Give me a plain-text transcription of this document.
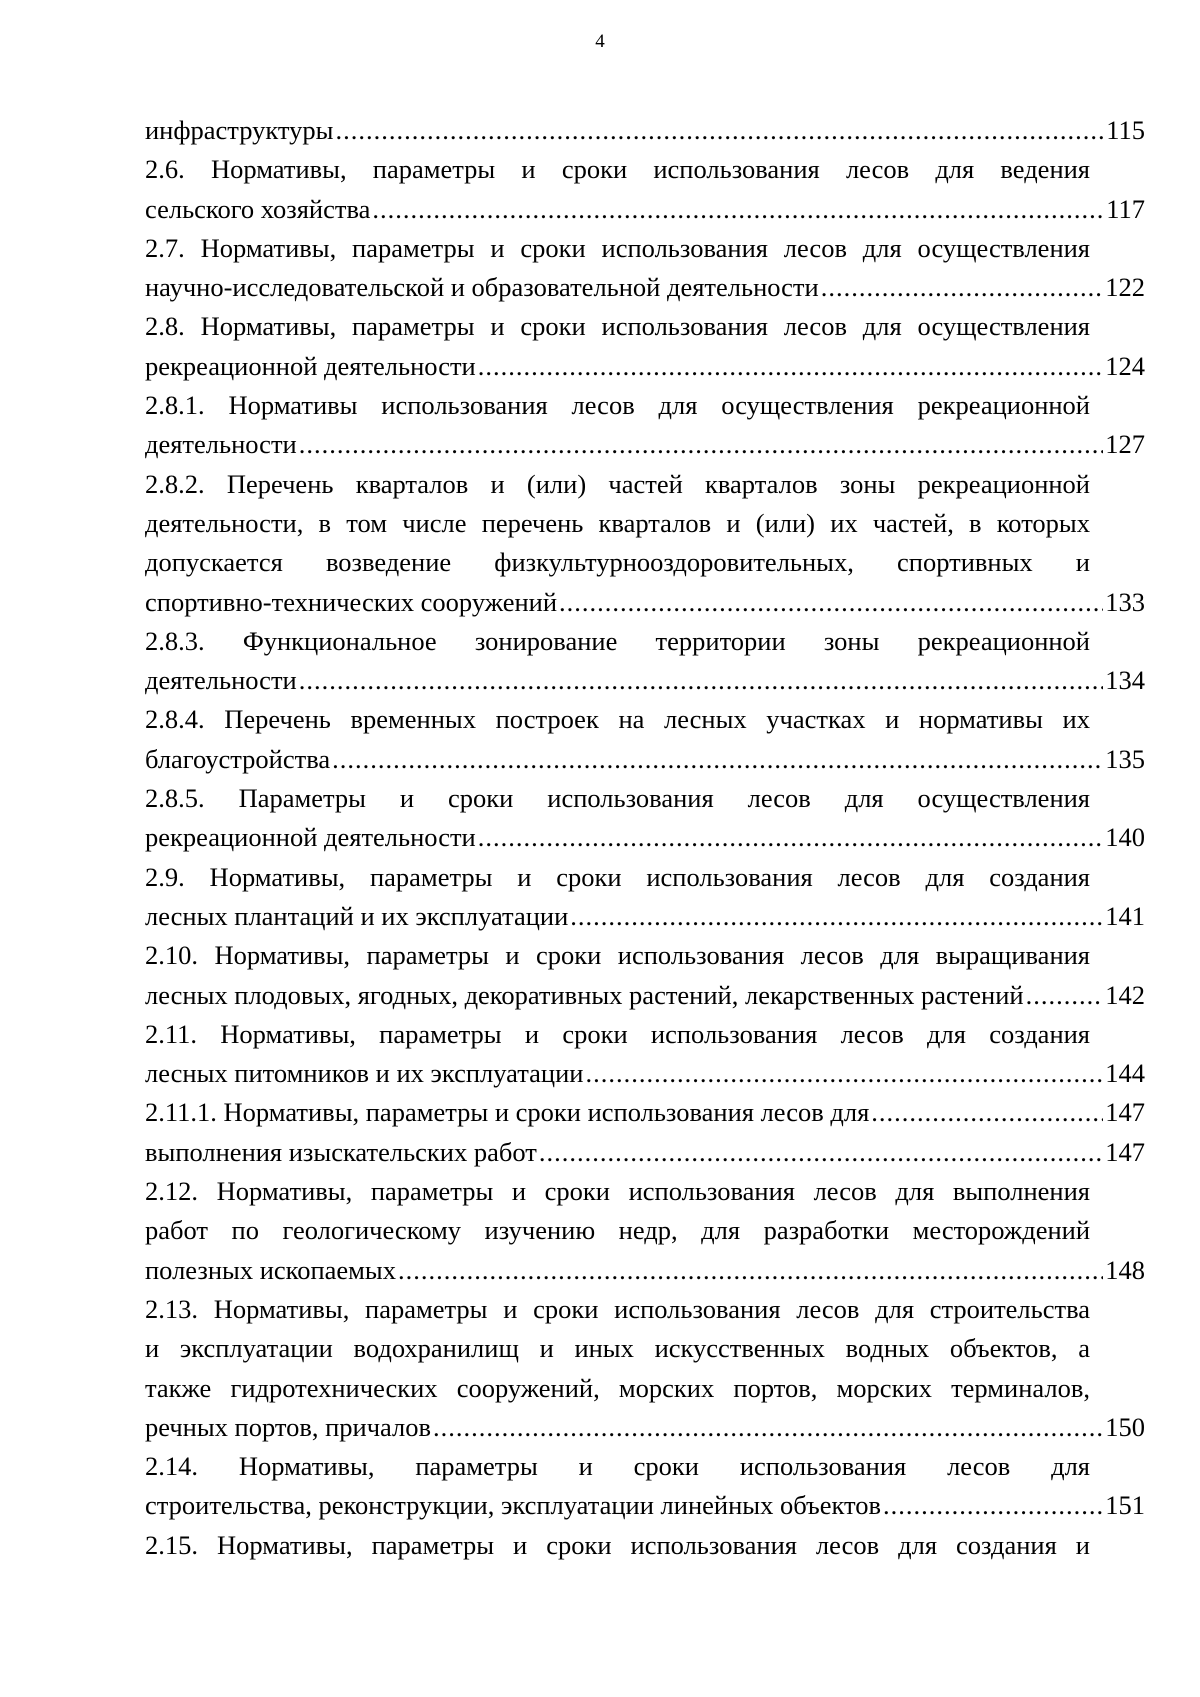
4
инфраструктуры .....	115
2.6. Нормативы, параметры и сроки использования лесов для ведения
сельского хозяйства .....	117
2.7. Нормативы, параметры и сроки использования лесов для осуществления
научно-исследовательской и образовательной деятельности .....	122
2.8. Нормативы, параметры и сроки использования лесов для осуществления
рекреационной деятельности .....	124
2.8.1. Нормативы использования лесов для осуществления рекреационной
деятельности .....	127
2.8.2. Перечень кварталов и (или) частей кварталов зоны рекреационной
деятельности, в том числе перечень кварталов и (или) их частей, в которых
допускается возведение физкультурнооздоровительных, спортивных и
спортивно-технических сооружений .....	133
2.8.3. Функциональное зонирование территории зоны рекреационной
деятельности .....	134
2.8.4. Перечень временных построек на лесных участках и нормативы их
благоустройства .....	135
2.8.5. Параметры и сроки использования лесов для осуществления
рекреационной деятельности .....	140
2.9. Нормативы, параметры и сроки использования лесов для создания
лесных плантаций и их эксплуатации .....	141
2.10. Нормативы, параметры и сроки использования лесов для выращивания
лесных плодовых, ягодных, декоративных растений, лекарственных растений .....	142
2.11. Нормативы, параметры и сроки использования лесов для создания
лесных питомников и их эксплуатации .....	144
2.11.1. Нормативы, параметры и сроки использования лесов для .....	147
выполнения изыскательских работ .....	147
2.12. Нормативы, параметры и сроки использования лесов для выполнения
работ по геологическому изучению недр, для разработки месторождений
полезных ископаемых .....	148
2.13. Нормативы, параметры и сроки использования лесов для строительства
и эксплуатации водохранилищ и иных искусственных водных объектов, а
также гидротехнических сооружений, морских портов, морских терминалов,
речных портов, причалов .....	150
2.14. Нормативы, параметры и сроки использования лесов для
строительства, реконструкции, эксплуатации линейных объектов .....	151
2.15. Нормативы, параметры и сроки использования лесов для создания и
